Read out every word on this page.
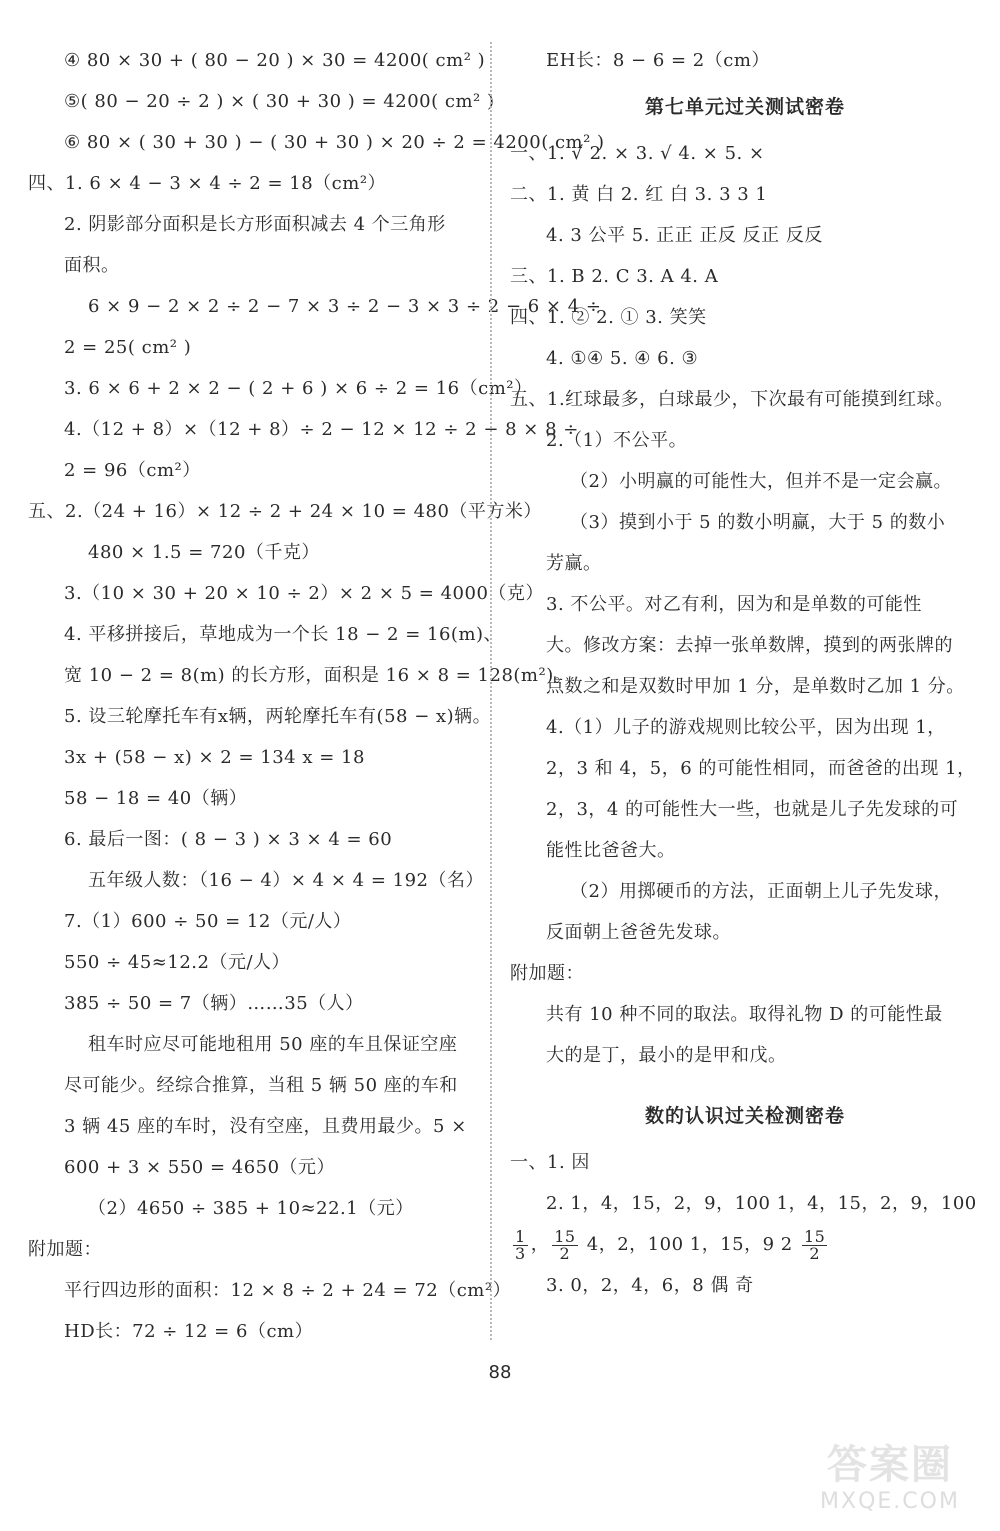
④ 80 × 30 + ( 80 − 20 ) × 30 = 4200( cm² )
⑤( 80 − 20 ÷ 2 ) × ( 30 + 30 ) = 4200( cm² )
⑥ 80 × ( 30 + 30 ) − ( 30 + 30 ) × 20 ÷ 2 = 4200( cm² )
四、1. 6 × 4 − 3 × 4 ÷ 2 = 18（cm²）
2. 阴影部分面积是长方形面积减去 4 个三角形
面积。
6 × 9 − 2 × 2 ÷ 2 − 7 × 3 ÷ 2 − 3 × 3 ÷ 2 − 6 × 4 ÷
2 = 25( cm² )
3. 6 × 6 + 2 × 2 − ( 2 + 6 ) × 6 ÷ 2 = 16（cm²）
4.（12 + 8）×（12 + 8）÷ 2 − 12 × 12 ÷ 2 − 8 × 8 ÷
2 = 96（cm²）
五、2.（24 + 16）× 12 ÷ 2 + 24 × 10 = 480（平方米）
480 × 1.5 = 720（千克）
3.（10 × 30 + 20 × 10 ÷ 2）× 2 × 5 = 4000（克）
4. 平移拼接后，草地成为一个长 18 − 2 = 16(m)、
宽 10 − 2 = 8(m) 的长方形，面积是 16 × 8 = 128(m²)。
5. 设三轮摩托车有x辆，两轮摩托车有(58 − x)辆。
3x + (58 − x) × 2 = 134 x = 18
58 − 18 = 40（辆）
6. 最后一图：( 8 − 3 ) × 3 × 4 = 60
五年级人数：（16 − 4）× 4 × 4 = 192（名）
7.（1）600 ÷ 50 = 12（元/人）
550 ÷ 45≈12.2（元/人）
385 ÷ 50 = 7（辆）……35（人）
租车时应尽可能地租用 50 座的车且保证空座
尽可能少。经综合推算，当租 5 辆 50 座的车和
3 辆 45 座的车时，没有空座，且费用最少。5 ×
600 + 3 × 550 = 4650（元）
（2）4650 ÷ 385 + 10≈22.1（元）
附加题：
平行四边形的面积：12 × 8 ÷ 2 + 24 = 72（cm²）
HD长：72 ÷ 12 = 6（cm）
EH长：8 − 6 = 2（cm）
第七单元过关测试密卷
一、1. √ 2. × 3. √ 4. × 5. ×
二、1. 黄 白 2. 红 白 3. 3 3 1
4. 3 公平 5. 正正 正反 反正 反反
三、1. B 2. C 3. A 4. A
四、1. ② 2. ① 3. 笑笑
4. ①④ 5. ④ 6. ③
五、1.红球最多，白球最少，下次最有可能摸到红球。
2.（1）不公平。
（2）小明赢的可能性大，但并不是一定会赢。
（3）摸到小于 5 的数小明赢，大于 5 的数小
芳赢。
3. 不公平。对乙有利，因为和是单数的可能性
大。修改方案：去掉一张单数牌，摸到的两张牌的
点数之和是双数时甲加 1 分，是单数时乙加 1 分。
4.（1）儿子的游戏规则比较公平，因为出现 1，
2，3 和 4，5，6 的可能性相同，而爸爸的出现 1，
2，3，4 的可能性大一些，也就是儿子先发球的可
能性比爸爸大。
（2）用掷硬币的方法，正面朝上儿子先发球，
反面朝上爸爸先发球。
附加题：
共有 10 种不同的取法。取得礼物 D 的可能性最
大的是丁，最小的是甲和戊。
数的认识过关检测密卷
一、1. 因
2. 1，4，15，2，9，100 1，4，15，2，9，100
$\frac{1}{3}$ ， $\frac{15}{2} 4$，2，100 1，15，9 $2 \frac{15}{2}$
3. 0，2，4，6，8 偶 奇
88
答案圈
MXQE.COM
